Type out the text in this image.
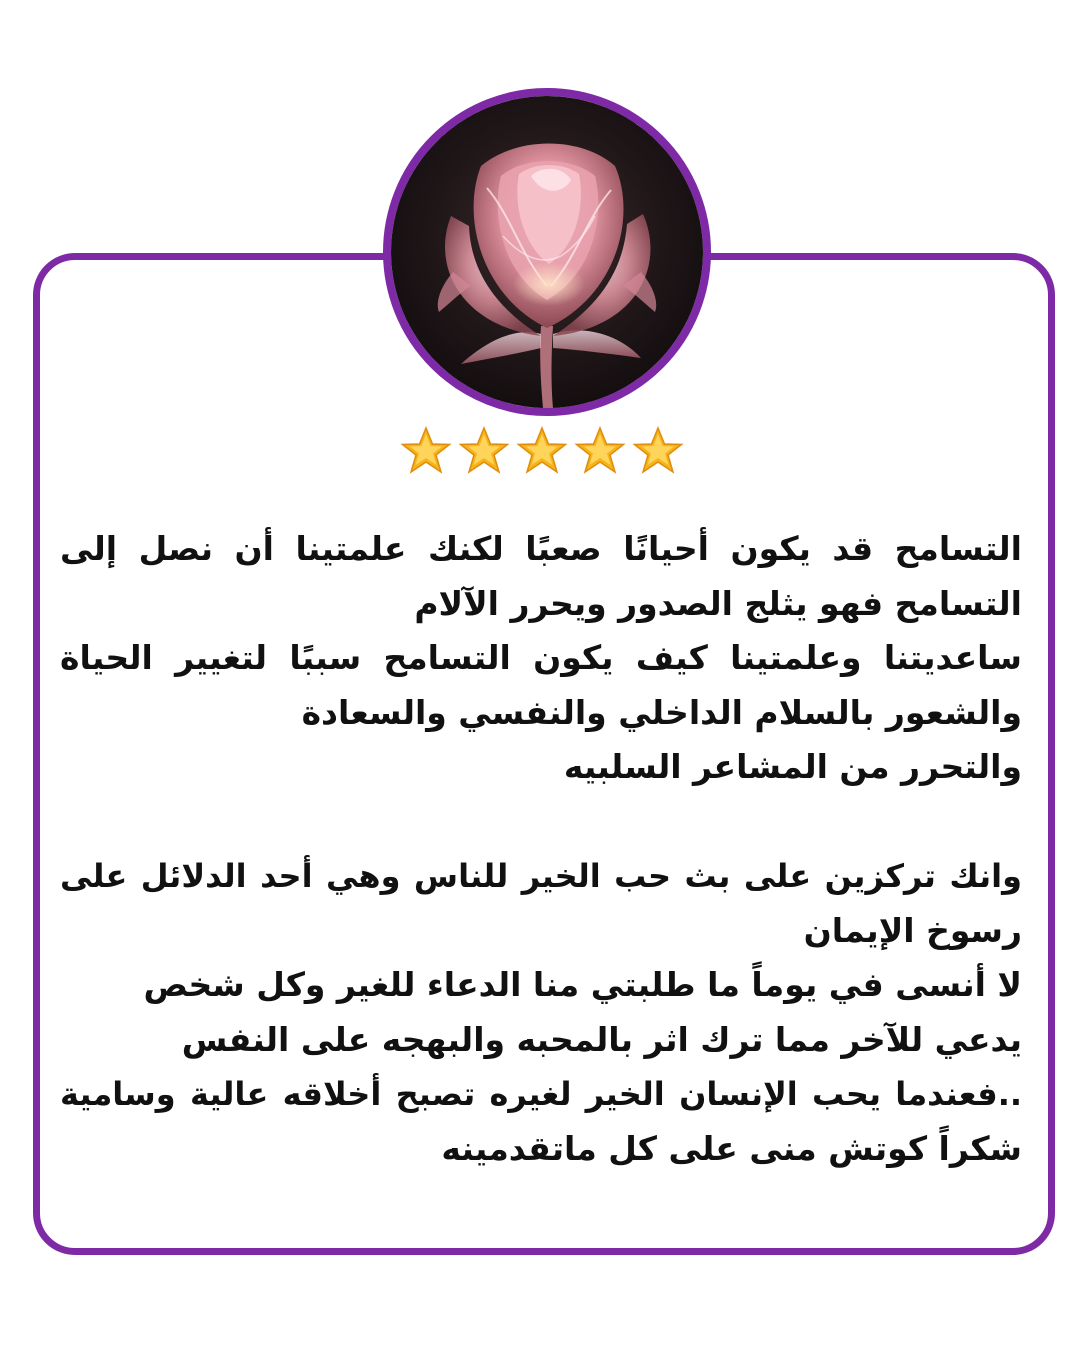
التسامح قد يكون أحيانًا صعبًا لكنك علمتينا أن نصل إلى
التسامح فهو يثلج الصدور ويحرر الآلام
ساعديتنا وعلمتينا كيف يكون التسامح سببًا لتغيير الحياة
والشعور بالسلام الداخلي والنفسي والسعادة
والتحرر من المشاعر السلبيه
وانك تركزين على بث حب الخير للناس وهي أحد الدلائل على
رسوخ الإيمان
لا أنسى في يوماً ما طلبتي منا الدعاء للغير وكل شخص
يدعي للآخر مما ترك اثر بالمحبه والبهجه على النفس
..فعندما يحب الإنسان الخير لغيره تصبح أخلاقه عالية وسامية
شكراً كوتش منى على كل ماتقدمينه
